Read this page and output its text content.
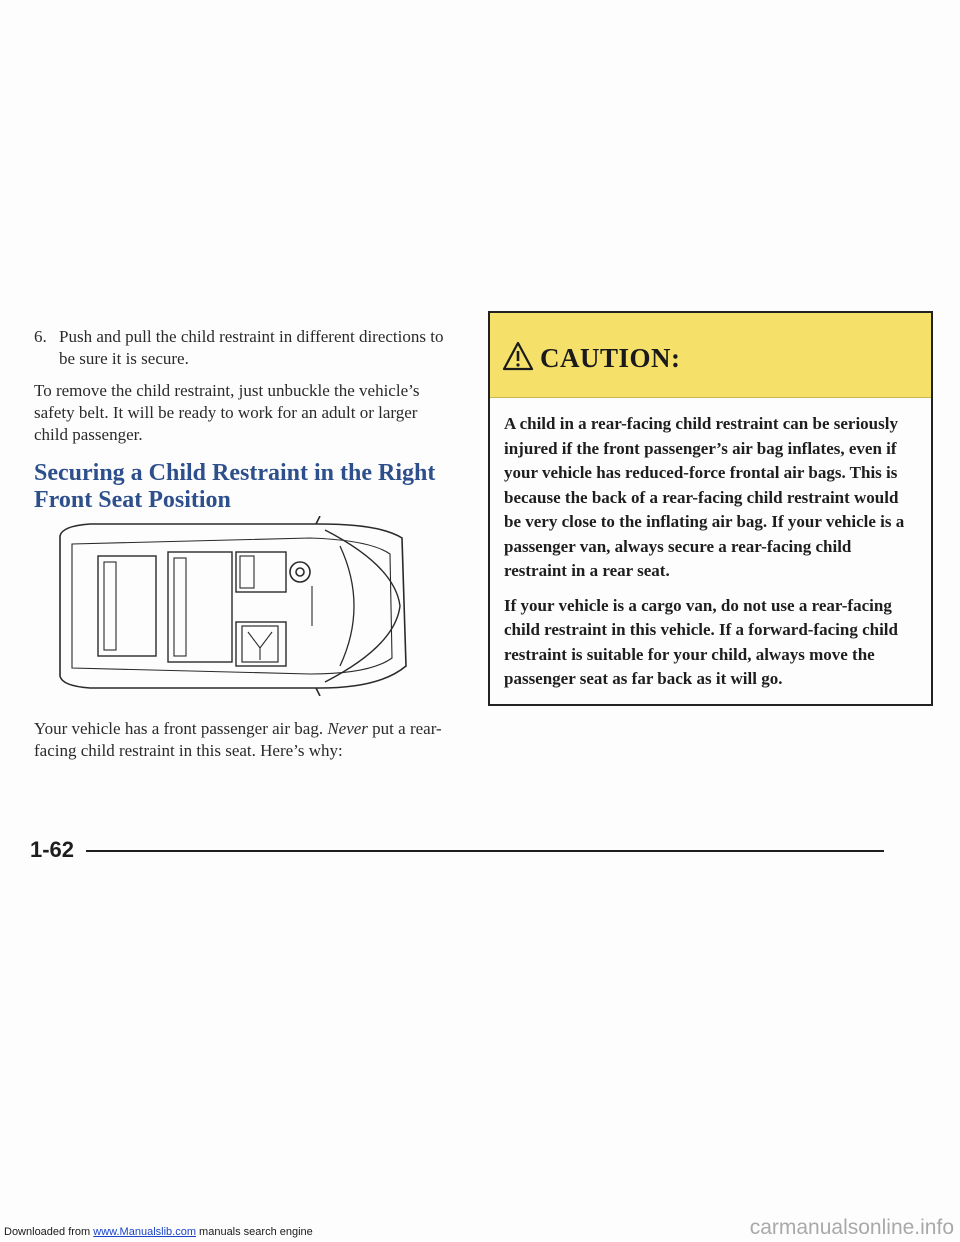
6. Push and pull the child restraint in different directions to be sure it is secure.

To remove the child restraint, just unbuckle the vehicle’s safety belt. It will be ready to work for an adult or larger child passenger.

Securing a Child Restraint in the Right Front Seat Position

Your vehicle has a front passenger air bag. Never put a rear-facing child restraint in this seat. Here’s why:

CAUTION:

A child in a rear-facing child restraint can be seriously injured if the front passenger’s air bag inflates, even if your vehicle has reduced-force frontal air bags. This is because the back of a rear-facing child restraint would be very close to the inflating air bag. If your vehicle is a passenger van, always secure a rear-facing child restraint in a rear seat.

If your vehicle is a cargo van, do not use a rear-facing child restraint in this vehicle. If a forward-facing child restraint is suitable for your child, always move the passenger seat as far back as it will go.

1-62
Downloaded from www.Manualslib.com manuals search engine	carmanualsonline.info
